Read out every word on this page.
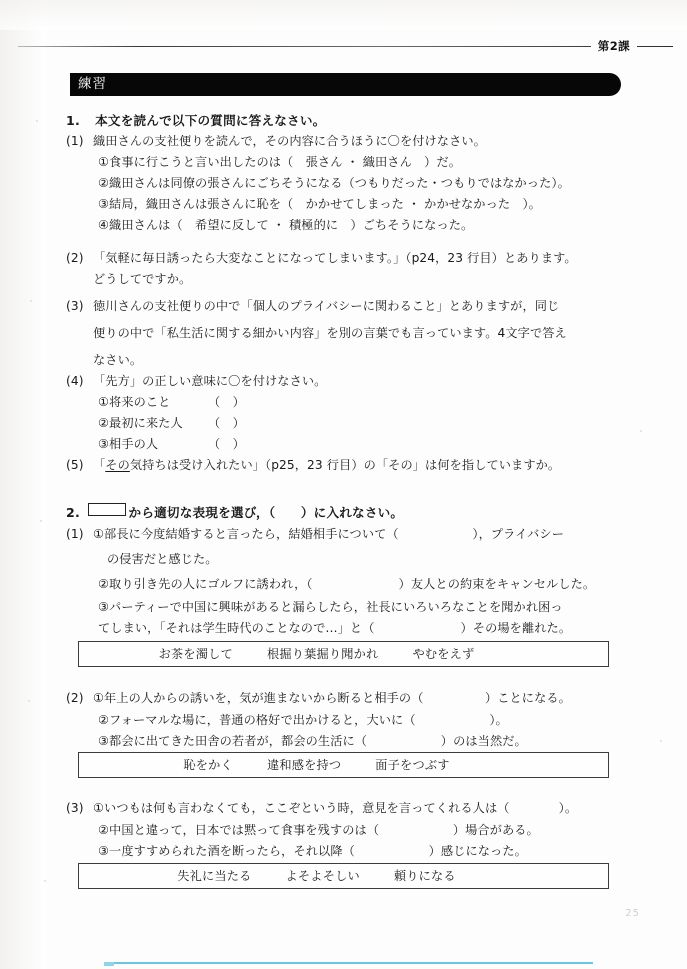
第2課
練習
1. 本文を読んで以下の質問に答えなさい。
(1) 織田さんの支社便りを読んで，その内容に合うほうに〇を付けなさい。
①食事に行こうと言い出したのは（　張さん ・ 織田さん　）だ。
②織田さんは同僚の張さんにごちそうになる（つもりだった・つもりではなかった）。
③結局，織田さんは張さんに恥を（　かかせてしまった ・ かかせなかった　）。
④織田さんは（　希望に反して ・ 積極的に　）ごちそうになった。
(2) 「気軽に毎日誘ったら大変なことになってしまいます。」（p24，23 行目）とあります。
どうしてですか。
(3) 徳川さんの支社便りの中で「個人のプライバシーに関わること」とありますが，同じ
便りの中で「私生活に関する細かい内容」を別の言葉でも言っています。4文字で答え
なさい。
(4) 「先方」の正しい意味に〇を付けなさい。
①将来のこと	（　）
②最初に来た人 （　）
③相手の人	（　）
(5) 「その気持ちは受け入れたい」（p25，23 行目）の「その」は何を指していますか。
2.	から適切な表現を選び，（　　）に入れなさい。
(1) ①部長に今度結婚すると言ったら，結婚相手について（　　　　　　），プライバシー
の侵害だと感じた。
②取り引き先の人にゴルフに誘われ，（　　　　　　　）友人との約束をキャンセルした。
③パーティーで中国に興味があると漏らしたら，社長にいろいろなことを聞かれ困っ
てしまい，「それは学生時代のことなので…」と（　　　　　　　）その場を離れた。
お茶を濁して	根掘り葉掘り聞かれ	やむをえず
(2) ①年上の人からの誘いを，気が進まないから断ると相手の（　　　　　）ことになる。
②フォーマルな場に，普通の格好で出かけると，大いに（　　　　　　）。
③都会に出てきた田舎の若者が，都会の生活に（　　　　　　）のは当然だ。
恥をかく	違和感を持つ	面子をつぶす
(3) ①いつもは何も言わなくても，ここぞという時，意見を言ってくれる人は（　　　　）。
②中国と違って，日本では黙って食事を残すのは（　　　　　　）場合がある。
③一度すすめられた酒を断ったら，それ以降（　　　　　　）感じになった。
失礼に当たる	よそよそしい	頼りになる
25
